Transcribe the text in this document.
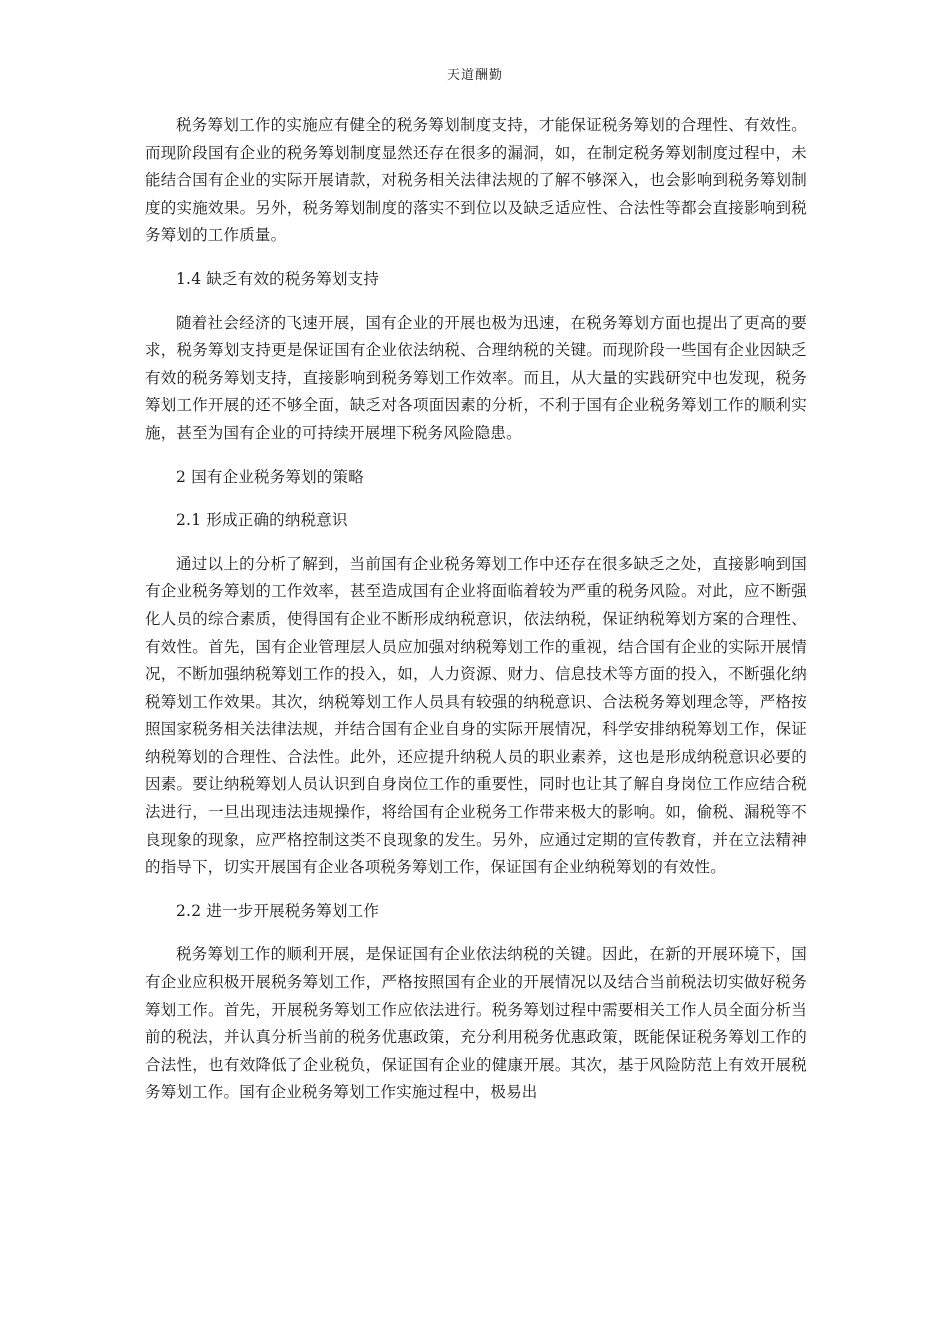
天道酬勤

税务筹划工作的实施应有健全的税务筹划制度支持，才能保证税务筹划的合理性、有效性。而现阶段国有企业的税务筹划制度显然还存在很多的漏洞，如，在制定税务筹划制度过程中，未能结合国有企业的实际开展请款，对税务相关法律法规的了解不够深入，也会影响到税务筹划制度的实施效果。另外，税务筹划制度的落实不到位以及缺乏适应性、合法性等都会直接影响到税务筹划的工作质量。

1.4 缺乏有效的税务筹划支持

随着社会经济的飞速开展，国有企业的开展也极为迅速，在税务筹划方面也提出了更高的要求，税务筹划支持更是保证国有企业依法纳税、合理纳税的关键。而现阶段一些国有企业因缺乏有效的税务筹划支持，直接影响到税务筹划工作效率。而且，从大量的实践研究中也发现，税务筹划工作开展的还不够全面，缺乏对各项面因素的分析，不利于国有企业税务筹划工作的顺利实施，甚至为国有企业的可持续开展埋下税务风险隐患。

2 国有企业税务筹划的策略

2.1 形成正确的纳税意识

通过以上的分析了解到，当前国有企业税务筹划工作中还存在很多缺乏之处，直接影响到国有企业税务筹划的工作效率，甚至造成国有企业将面临着较为严重的税务风险。对此，应不断强化人员的综合素质，使得国有企业不断形成纳税意识，依法纳税，保证纳税筹划方案的合理性、有效性。首先，国有企业管理层人员应加强对纳税筹划工作的重视，结合国有企业的实际开展情况，不断加强纳税筹划工作的投入，如，人力资源、财力、信息技术等方面的投入，不断强化纳税筹划工作效果。其次，纳税筹划工作人员具有较强的纳税意识、合法税务筹划理念等，严格按照国家税务相关法律法规，并结合国有企业自身的实际开展情况，科学安排纳税筹划工作，保证纳税筹划的合理性、合法性。此外，还应提升纳税人员的职业素养，这也是形成纳税意识必要的因素。要让纳税筹划人员认识到自身岗位工作的重要性，同时也让其了解自身岗位工作应结合税法进行，一旦出现违法违规操作，将给国有企业税务工作带来极大的影响。如，偷税、漏税等不良现象的现象，应严格控制这类不良现象的发生。另外，应通过定期的宣传教育，并在立法精神的指导下，切实开展国有企业各项税务筹划工作，保证国有企业纳税筹划的有效性。

2.2 进一步开展税务筹划工作

税务筹划工作的顺利开展，是保证国有企业依法纳税的关键。因此，在新的开展环境下，国有企业应积极开展税务筹划工作，严格按照国有企业的开展情况以及结合当前税法切实做好税务筹划工作。首先，开展税务筹划工作应依法进行。税务筹划过程中需要相关工作人员全面分析当前的税法，并认真分析当前的税务优惠政策，充分利用税务优惠政策，既能保证税务筹划工作的合法性，也有效降低了企业税负，保证国有企业的健康开展。其次，基于风险防范上有效开展税务筹划工作。国有企业税务筹划工作实施过程中，极易出
